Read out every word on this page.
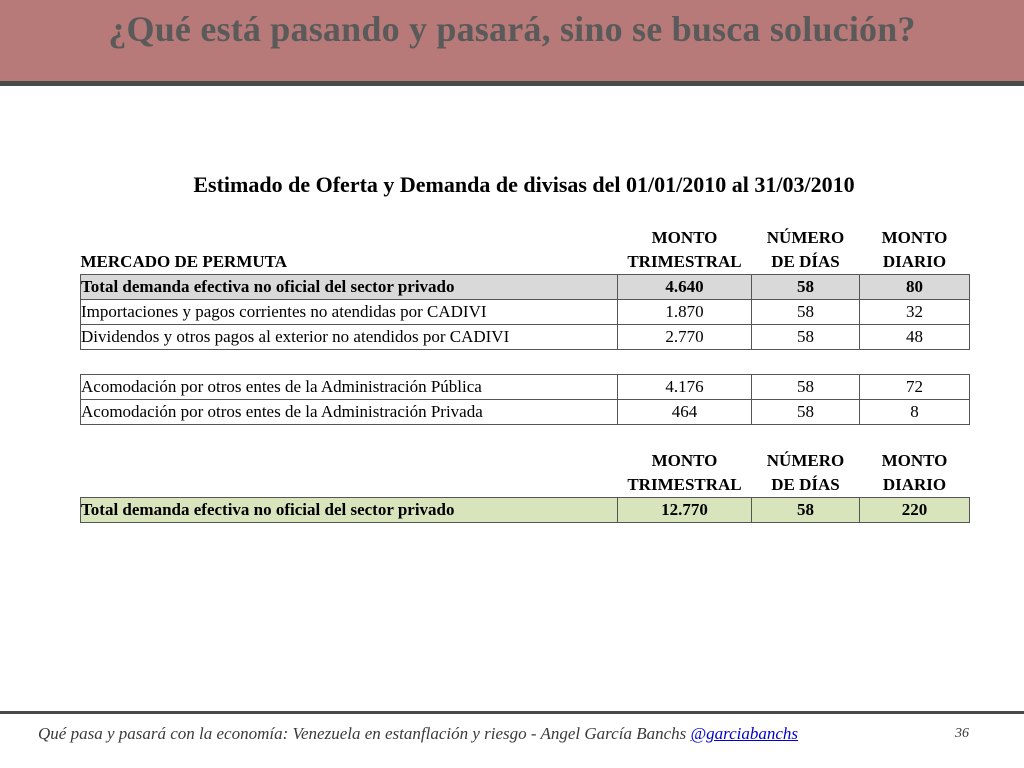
¿Qué está pasando y pasará, sino se busca solución?
Estimado de Oferta y Demanda de divisas del 01/01/2010 al 31/03/2010
	MONTO	NÚMERO	MONTO
MERCADO DE PERMUTA	TRIMESTRAL	DE DÍAS	DIARIO
Total demanda efectiva no oficial del sector privado	4.640	58	80
Importaciones y pagos corrientes no atendidas por CADIVI	1.870	58	32
Dividendos y otros pagos al exterior no atendidos por CADIVI	2.770	58	48

Acomodación por otros entes de la Administración Pública	4.176	58	72
Acomodación por otros entes de la Administración Privada	464	58	8

	MONTO	NÚMERO	MONTO
	TRIMESTRAL	DE DÍAS	DIARIO
Total demanda efectiva no oficial del sector privado	12.770	58	220
Qué pasa y pasará con la economía: Venezuela en estanflación y riesgo - Angel García Banchs @garciabanchs	36
